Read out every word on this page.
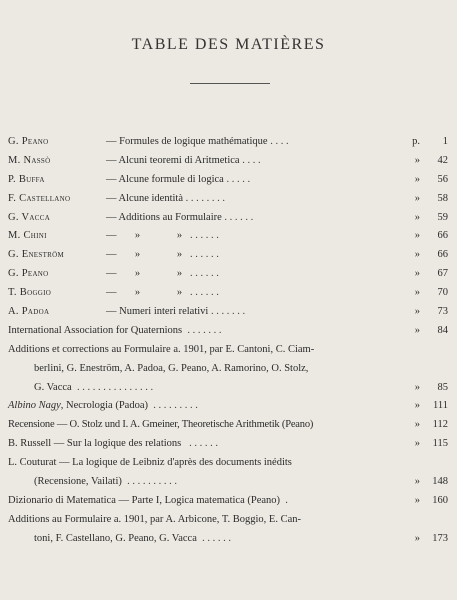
TABLE DES MATIÈRES
G. Peano	— Formules de logique mathématique . . . .	p. 1
M. Nassò	— Alcuni teoremi di Aritmetica . . . .	» 42
P. Buffa	— Alcune formule di logica . . . . .	» 56
F. Castellano	— Alcune identità . . . . . . . .	» 58
G. Vacca	— Additions au Formulaire . . . . . .	» 59
M. Chini	—       »              » . . . . . .	» 66
G. Eneström	—       »              » . . . . . .	» 66
G. Peano	—       »              » . . . . . .	» 67
T. Boggio	—       »              » . . . . . .	» 70
A. Padoa	— Numeri interi relativi . . . . . . .	» 73
International Association for Quaternions . . . . . . .	» 84
Additions et corrections au Formulaire a. 1901, par E. Cantoni, C. Ciam-
berlini, G. Eneström, A. Padoa, G. Peano, A. Ramorino, O. Stolz,
G. Vacca . . . . . . . . . . . . . . .	» 85
Albino Nagy, Necrologia (Padoa) . . . . . . . . .	» 111
Recensione — O. Stolz und I. A. Gmeiner, Theoretische Arithmetik (Peano)	» 112
B. Russell — Sur la logique des relations . . . . . .	» 115
L. Couturat — La logique de Leibniz d'après des documents inédits
(Recensione, Vailati) . . . . . . . . . .	» 148
Dizionario di Matematica — Parte I, Logica matematica (Peano) .	» 160
Additions au Formulaire a. 1901, par A. Arbicone, T. Boggio, E. Can-
toni, F. Castellano, G. Peano, G. Vacca . . . . . .	» 173
